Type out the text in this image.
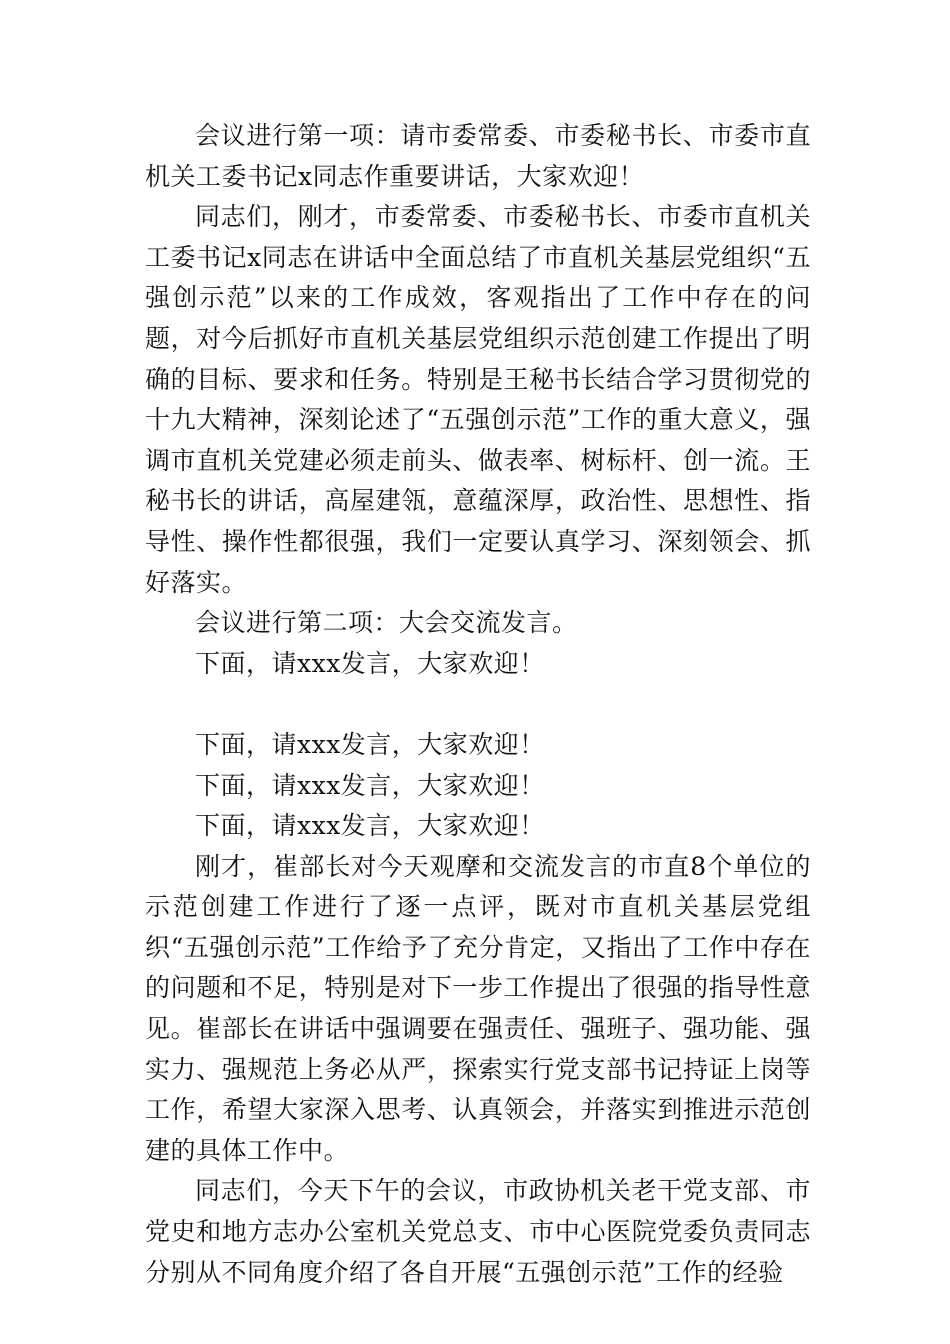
会议进行第一项：请市委常委、市委秘书长、市委市直机关工委书记x同志作重要讲话，大家欢迎！

同志们，刚才，市委常委、市委秘书长、市委市直机关工委书记x同志在讲话中全面总结了市直机关基层党组织“五强创示范”以来的工作成效，客观指出了工作中存在的问题，对今后抓好市直机关基层党组织示范创建工作提出了明确的目标、要求和任务。特别是王秘书长结合学习贯彻党的十九大精神，深刻论述了“五强创示范”工作的重大意义，强调市直机关党建必须走前头、做表率、树标杆、创一流。王秘书长的讲话，高屋建瓴，意蕴深厚，政治性、思想性、指导性、操作性都很强，我们一定要认真学习、深刻领会、抓好落实。

会议进行第二项：大会交流发言。

下面，请xxx发言，大家欢迎！

下面，请xxx发言，大家欢迎！

下面，请xxx发言，大家欢迎！

下面，请xxx发言，大家欢迎！

刚才，崔部长对今天观摩和交流发言的市直8个单位的示范创建工作进行了逐一点评，既对市直机关基层党组织“五强创示范”工作给予了充分肯定，又指出了工作中存在的问题和不足，特别是对下一步工作提出了很强的指导性意见。崔部长在讲话中强调要在强责任、强班子、强功能、强实力、强规范上务必从严，探索实行党支部书记持证上岗等工作，希望大家深入思考、认真领会，并落实到推进示范创建的具体工作中。

同志们，今天下午的会议，市政协机关老干党支部、市党史和地方志办公室机关党总支、市中心医院党委负责同志分别从不同角度介绍了各自开展“五强创示范”工作的经验
